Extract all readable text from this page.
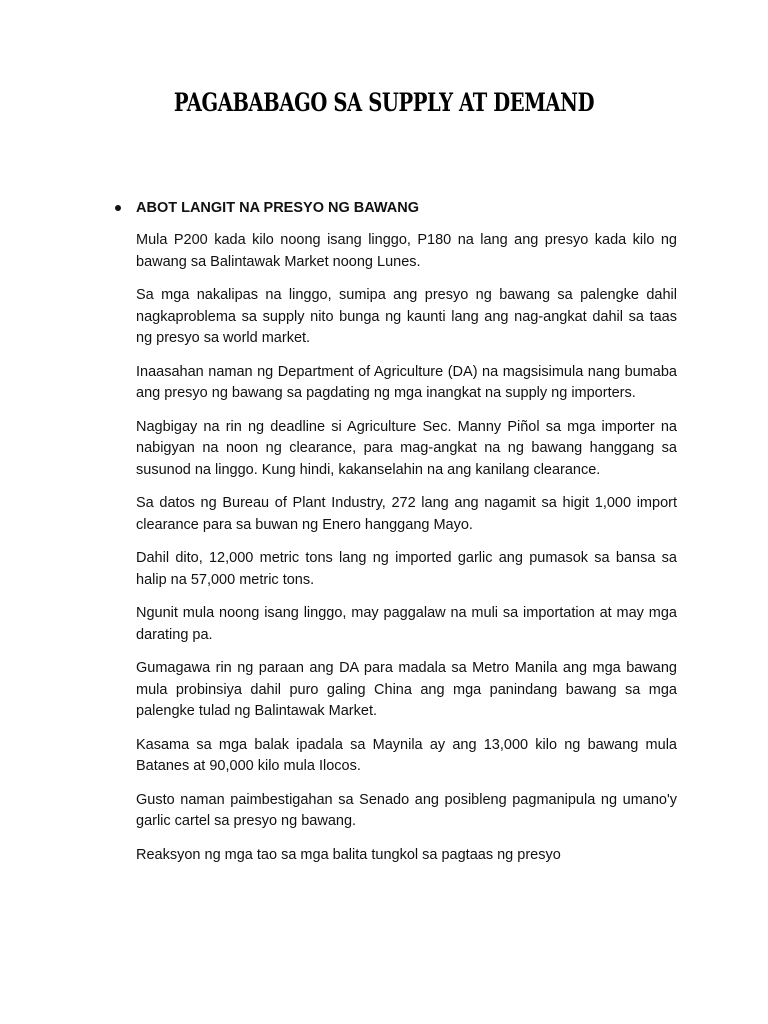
PAGABABAGO SA SUPPLY AT DEMAND
ABOT LANGIT NA PRESYO NG BAWANG

Mula P200 kada kilo noong isang linggo, P180 na lang ang presyo kada kilo ng bawang sa Balintawak Market noong Lunes.

Sa mga nakalipas na linggo, sumipa ang presyo ng bawang sa palengke dahil nagkaproblema sa supply nito bunga ng kaunti lang ang nag-angkat dahil sa taas ng presyo sa world market.

Inaasahan naman ng Department of Agriculture (DA) na magsisimula nang bumaba ang presyo ng bawang sa pagdating ng mga inangkat na supply ng importers.

Nagbigay na rin ng deadline si Agriculture Sec. Manny Piñol sa mga importer na nabigyan na noon ng clearance, para mag-angkat na ng bawang hanggang sa susunod na linggo. Kung hindi, kakanselahin na ang kanilang clearance.

Sa datos ng Bureau of Plant Industry, 272 lang ang nagamit sa higit 1,000 import clearance para sa buwan ng Enero hanggang Mayo.

Dahil dito, 12,000 metric tons lang ng imported garlic ang pumasok sa bansa sa halip na 57,000 metric tons.

Ngunit mula noong isang linggo, may paggalaw na muli sa importation at may mga darating pa.

Gumagawa rin ng paraan ang DA para madala sa Metro Manila ang mga bawang mula probinsiya dahil puro galing China ang mga panindang bawang sa mga palengke tulad ng Balintawak Market.

Kasama sa mga balak ipadala sa Maynila ay ang 13,000 kilo ng bawang mula Batanes at 90,000 kilo mula Ilocos.

Gusto naman paimbestigahan sa Senado ang posibleng pagmanipula ng umano'y garlic cartel sa presyo ng bawang.

Reaksyon ng mga tao sa mga balita tungkol sa pagtaas ng presyo
